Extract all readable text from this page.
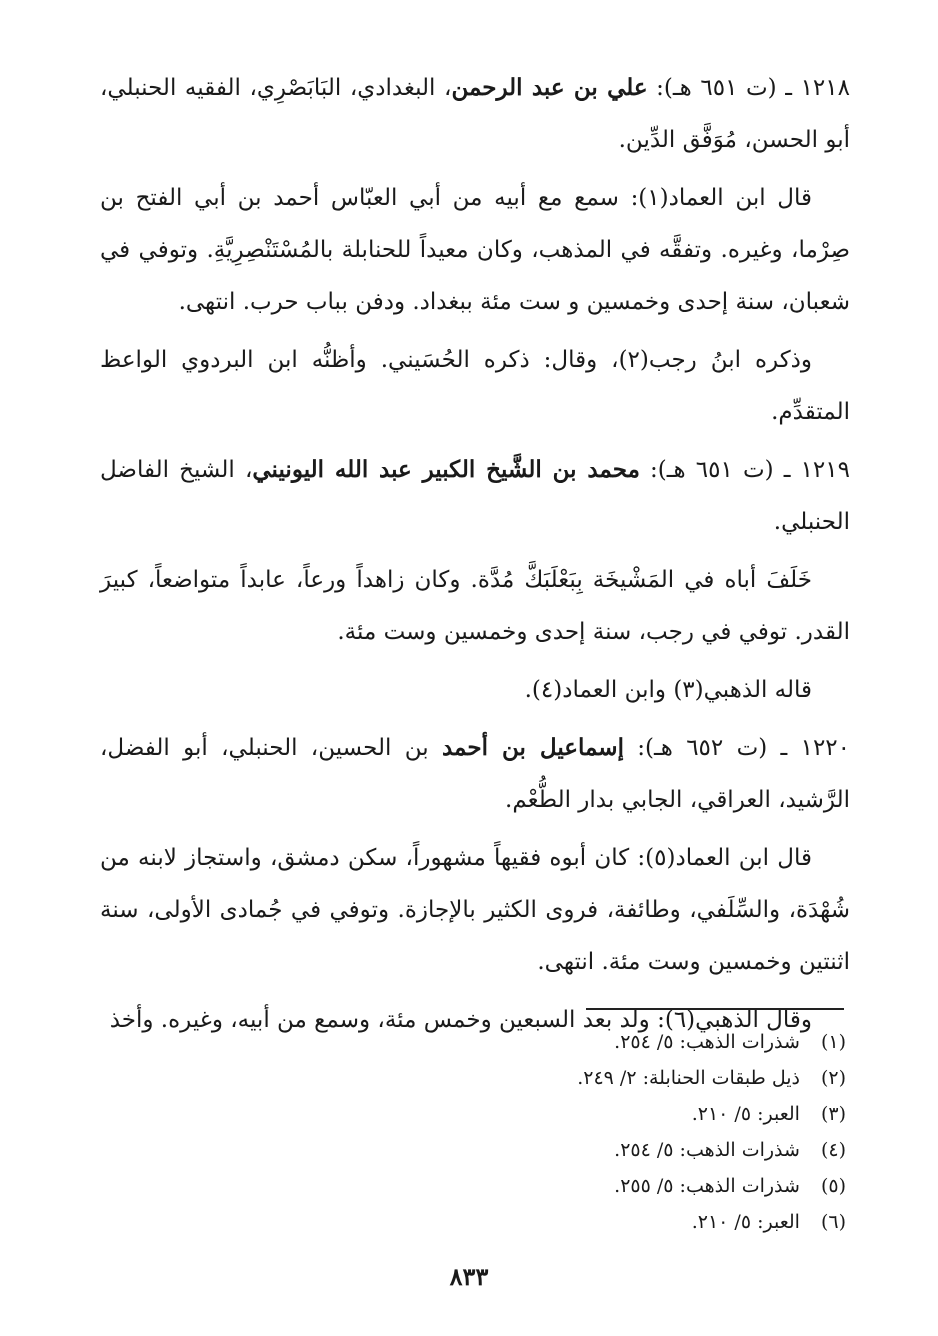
١٢١٨ ـ (ت ٦٥١ هـ): علي بن عبد الرحمن، البغدادي، البَابَصْرِي، الفقيه الحنبلي، أبو الحسن، مُوَفَّق الدِّين.

قال ابن العماد(١): سمع مع أبيه من أبي العبّاس أحمد بن أبي الفتح بن صِرْما، وغيره. وتفقَّه في المذهب، وكان معيداً للحنابلة بالمُسْتَنْصِرِيَّةِ. وتوفي في شعبان، سنة إحدى وخمسين و ست مئة ببغداد. ودفن بباب حرب. انتهى.

وذكره ابنُ رجب(٢)، وقال: ذكره الحُسَيني. وأظنُّه ابن البردوي الواعظ المتقدِّم.

١٢١٩ ـ (ت ٦٥١ هـ): محمد بن الشَّيخ الكبير عبد الله اليونيني، الشيخ الفاضل الحنبلي.

خَلَفَ أباه في المَشْيخَة بِبَعْلَبَكَّ مُدَّة. وكان زاهداً ورعاً، عابداً متواضعاً، كبيرَ القدر. توفي في رجب، سنة إحدى وخمسين وست مئة.

قاله الذهبي(٣) وابن العماد(٤).

١٢٢٠ ـ (ت ٦٥٢ هـ): إسماعيل بن أحمد بن الحسين، الحنبلي، أبو الفضل، الرَّشيد، العراقي، الجابي بدار الطُّعْم.

قال ابن العماد(٥): كان أبوه فقيهاً مشهوراً، سكن دمشق، واستجاز لابنه من شُهْدَة، والسِّلَفي، وطائفة، فروى الكثير بالإجازة. وتوفي في جُمادى الأولى، سنة اثنتين وخمسين وست مئة. انتهى.

وقال الذهبي(٦): ولد بعد السبعين وخمس مئة، وسمع من أبيه، وغيره. وأخذ

(١) شذرات الذهب: ٥/ ٢٥٤.
(٢) ذيل طبقات الحنابلة: ٢/ ٢٤٩.
(٣) العبر: ٥/ ٢١٠.
(٤) شذرات الذهب: ٥/ ٢٥٤.
(٥) شذرات الذهب: ٥/ ٢٥٥.
(٦) العبر: ٥/ ٢١٠.
٨٣٣
